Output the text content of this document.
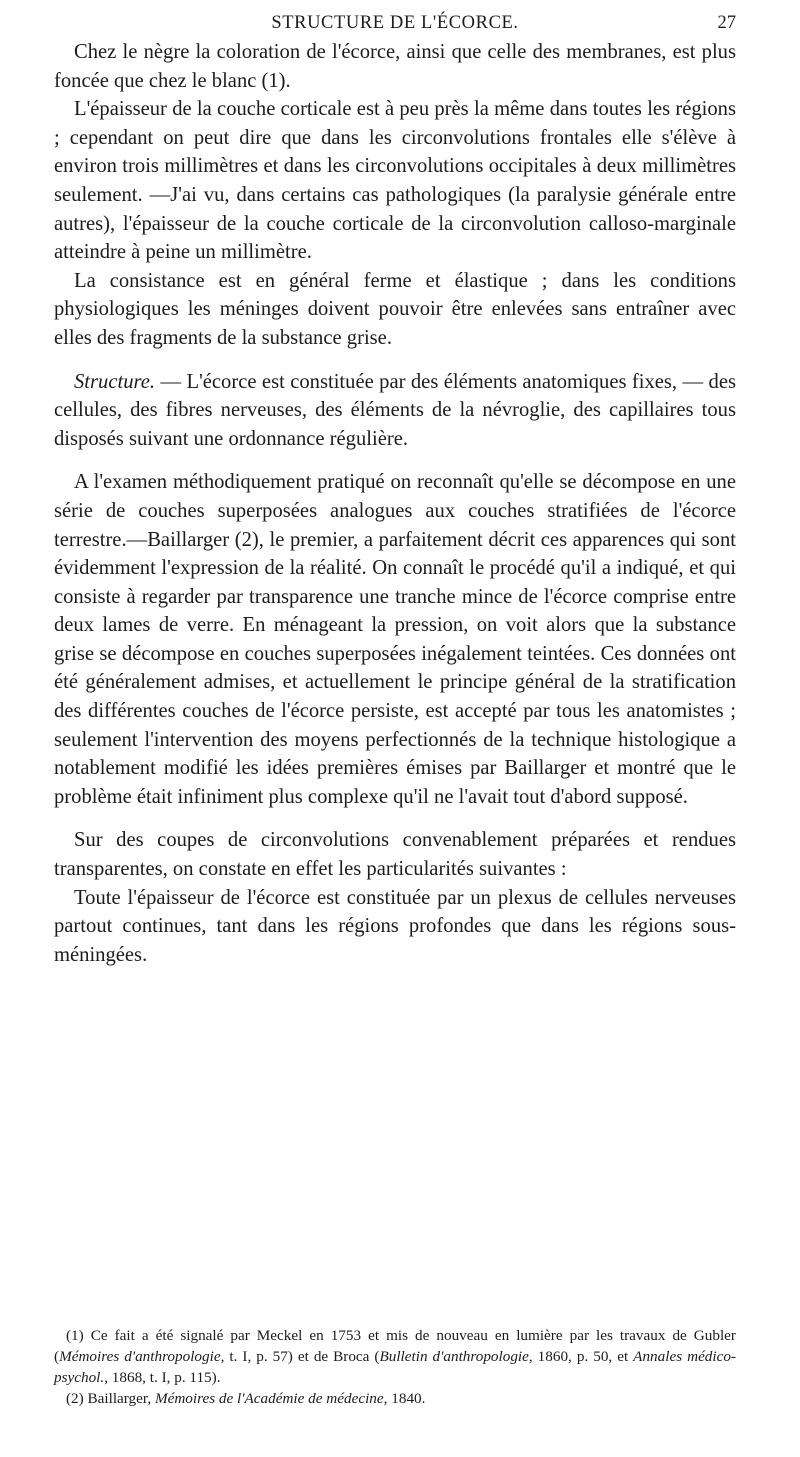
STRUCTURE DE L'ÉCORCE.	27

Chez le nègre la coloration de l'écorce, ainsi que celle des membranes, est plus foncée que chez le blanc (1).

L'épaisseur de la couche corticale est à peu près la même dans toutes les régions ; cependant on peut dire que dans les circonvolutions frontales elle s'élève à environ trois millimètres et dans les circonvolutions occipitales à deux millimètres seulement. —J'ai vu, dans certains cas pathologiques (la paralysie générale entre autres), l'épaisseur de la couche corticale de la circonvolution calloso-marginale atteindre à peine un millimètre.

La consistance est en général ferme et élastique ; dans les conditions physiologiques les méninges doivent pouvoir être enlevées sans entraîner avec elles des fragments de la substance grise.

Structure. — L'écorce est constituée par des éléments anatomiques fixes, — des cellules, des fibres nerveuses, des éléments de la névroglie, des capillaires tous disposés suivant une ordonnance régulière.

A l'examen méthodiquement pratiqué on reconnaît qu'elle se décompose en une série de couches superposées analogues aux couches stratifiées de l'écorce terrestre.—Baillarger (2), le premier, a parfaitement décrit ces apparences qui sont évidemment l'expression de la réalité. On connaît le procédé qu'il a indiqué, et qui consiste à regarder par transparence une tranche mince de l'écorce comprise entre deux lames de verre. En ménageant la pression, on voit alors que la substance grise se décompose en couches superposées inégalement teintées. Ces données ont été généralement admises, et actuellement le principe général de la stratification des différentes couches de l'écorce persiste, est accepté par tous les anatomistes ; seulement l'intervention des moyens perfectionnés de la technique histologique a notablement modifié les idées premières émises par Baillarger et montré que le problème était infiniment plus complexe qu'il ne l'avait tout d'abord supposé.

Sur des coupes de circonvolutions convenablement préparées et rendues transparentes, on constate en effet les particularités suivantes :

Toute l'épaisseur de l'écorce est constituée par un plexus de cellules nerveuses partout continues, tant dans les régions profondes que dans les régions sous-méningées.

(1) Ce fait a été signalé par Meckel en 1753 et mis de nouveau en lumière par les travaux de Gubler (Mémoires d'anthropologie, t. I, p. 57) et de Broca (Bulletin d'anthropologie, 1860, p. 50, et Annales médico-psychol., 1868, t. I, p. 115).

(2) Baillarger, Mémoires de l'Académie de médecine, 1840.
